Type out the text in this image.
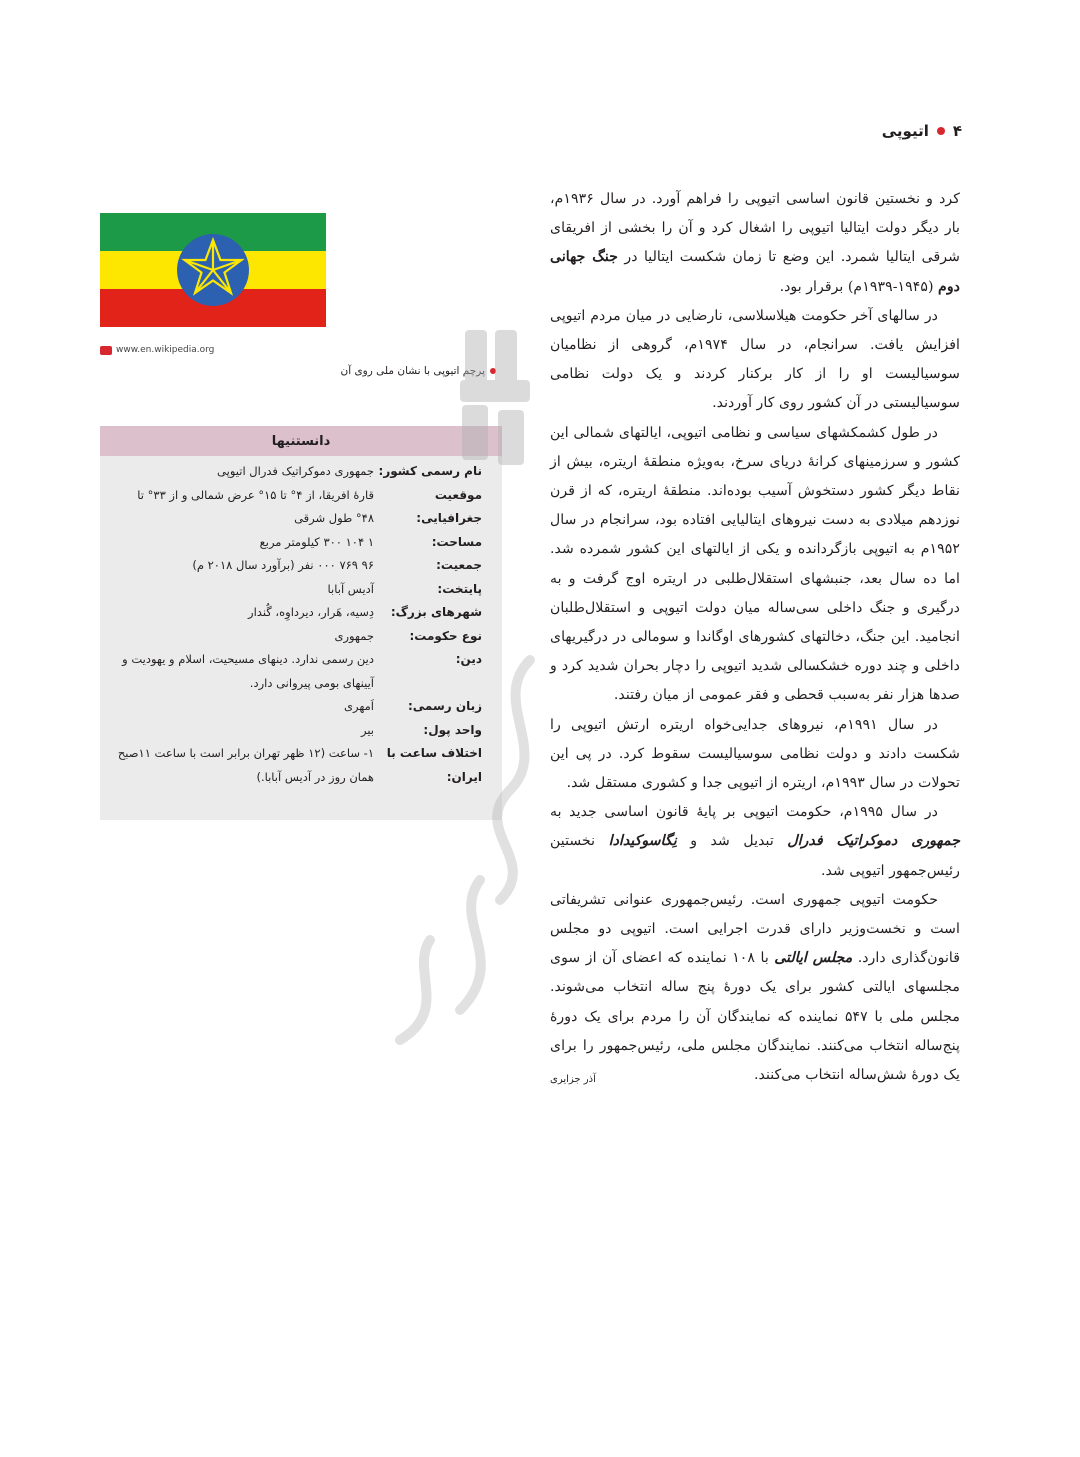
۴
اتیوپی
www.en.wikipedia.org
پرچم اتیوپی با نشان ملی روی آن
دانستنیها
نام رسمی کشور:
جمهوری دموکراتیک فدرال اتیوپی
موقعیت جغرافیایی:
قارهٔ افریقا، از ۴° تا ۱۵° عرض شمالی و از ۳۳° تا ۴۸° طول شرقی
مساحت:
۱ ۱۰۴ ۳۰۰ کیلومتر مربع
جمعیت:
۹۶ ۷۶۹ ۰۰۰ نفر (برآورد سال ۲۰۱۸ م)
پایتخت:
آدیس آبابا
شهرهای بزرگ:
دِسیه، هَرار، دیرداوِه، گُندار
نوع حکومت:
جمهوری
دین:
دین رسمی ندارد. دینهای مسیحیت، اسلام و یهودیت و آیینهای بومی پیروانی دارد.
زبان رسمی:
اَمهری
واحد پول:
بیر
اختلاف ساعت با ایران:
۱- ساعت (۱۲ ظهر تهران برابر است با ساعت ۱۱صبح همان روز در آدیس آبابا.)

کرد و نخستین قانون اساسی اتیوپی را فراهم آورد. در سال ۱۹۳۶م، بار دیگر دولت ایتالیا اتیوپی را اشغال کرد و آن را بخشی از افریقای شرقی ایتالیا شمرد. این وضع تا زمان شکست ایتالیا در جنگ جهانی دوم (۱۹۴۵-۱۹۳۹م) برقرار بود.

در سالهای آخر حکومت هیلاسلاسی، نارضایی در میان مردم اتیوپی افزایش یافت. سرانجام، در سال ۱۹۷۴م، گروهی از نظامیان سوسیالیست او را از کار برکنار کردند و یک دولت نظامی سوسیالیستی در آن کشور روی کار آوردند.

در طول کشمکشهای سیاسی و نظامی اتیوپی، ایالتهای شمالی این کشور و سرزمینهای کرانهٔ دریای سرخ، به‌ویژه منطقهٔ اریتره، بیش از نقاط دیگر کشور دستخوش آسیب بوده‌اند. منطقهٔ اریتره، که از قرن نوزدهم میلادی به دست نیروهای ایتالیایی افتاده بود، سرانجام در سال ۱۹۵۲م به اتیوپی بازگردانده و یکی از ایالتهای این کشور شمرده شد. اما ده سال بعد، جنبشهای استقلال‌طلبی در اریتره اوج گرفت و به درگیری و جنگ داخلی سی‌ساله میان دولت اتیوپی و استقلال‌طلبان انجامید. این جنگ، دخالتهای کشورهای اوگاندا و سومالی در درگیریهای داخلی و چند دوره خشکسالی شدید اتیوپی را دچار بحران شدید کرد و صدها هزار نفر به‌سبب قحطی و فقر عمومی از میان رفتند.

در سال ۱۹۹۱م، نیروهای جدایی‌خواه اریتره ارتش اتیوپی را شکست دادند و دولت نظامی سوسیالیست سقوط کرد. در پی این تحولات در سال ۱۹۹۳م، اریتره از اتیوپی جدا و کشوری مستقل شد.

در سال ۱۹۹۵م، حکومت اتیوپی بر پایهٔ قانون اساسی جدید به جمهوری دموکراتیک فدرال تبدیل شد و نِگاسوکیدادا نخستین رئیس‌جمهور اتیوپی شد.

حکومت اتیوپی جمهوری است. رئیس‌جمهوری عنوانی تشریفاتی است و نخست‌وزیر دارای قدرت اجرایی است. اتیوپی دو مجلس قانون‌گذاری دارد. مجلس ایالتی با ۱۰۸ نماینده که اعضای آن از سوی مجلسهای ایالتی کشور برای یک دورهٔ پنج ساله انتخاب می‌شوند. مجلس ملی با ۵۴۷ نماینده که نمایندگان آن را مردم برای یک دورهٔ پنج‌ساله انتخاب می‌کنند. نمایندگان مجلس ملی، رئیس‌جمهور را برای یک دورهٔ شش‌ساله انتخاب می‌کنند.
آذر جزایری
